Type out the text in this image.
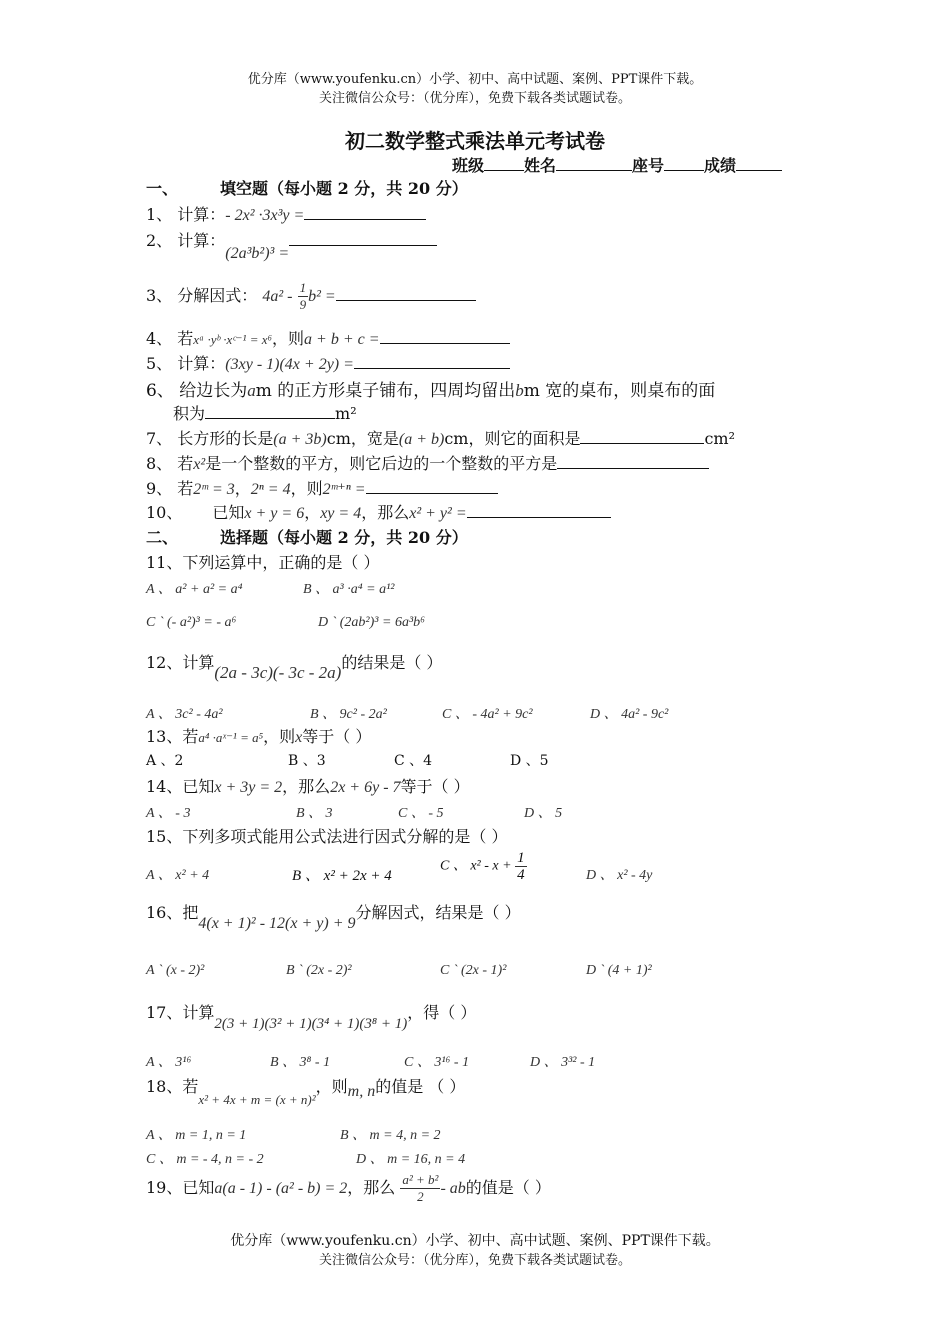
优分库（www.youfenku.cn）小学、初中、高中试题、案例、PPT课件下载。
关注微信公众号：（优分库），免费下载各类试题试卷。
初二数学整式乘法单元考试卷
班级	姓名	座号	成绩
一、	填空题（每小题 2 分，共 20 分）
1、 计算：- 2x² ·3x³y =
2、 计算：(2a³b²)³ =
3、 分解因式： $4a^2 - \frac{1}{9} b^2$ =
4、 若xᵃ ·yᵇ ·xᶜ⁻¹ = x⁶，则a + b + c =
5、 计算：(3xy - 1)(4x + 2y) =
6、 给边长为am 的正方形桌子铺布，四周均留出bm 宽的桌布，则桌布的面
积为	m²
7、 长方形的长是(a + 3b)cm，宽是(a + b)cm，则它的面积是	cm²
8、 若x²是一个整数的平方，则它后边的一个整数的平方是
9、 若2ᵐ = 3，2ⁿ = 4，则2ᵐ⁺ⁿ =
10、 已知x + y = 6，xy = 4，那么x² + y² =
二、	选择题（每小题 2 分，共 20 分）
11、下列运算中，正确的是（ ）
A 、 a² + a² = a⁴	B 、 a³ ·a⁴ = a¹²
C ` (- a²)³ = - a⁶	D ` (2ab²)³ = 6a³b⁶
12、计算(2a - 3c)(- 3c - 2a)的结果是（ ）
A 、 3c² - 4a²	B 、 9c² - 2a²	C 、 - 4a² + 9c²	D 、 4a² - 9c²
13、若a⁴ ·aˣ⁻¹ = a⁵，则x等于（ ）
A 、2	B 、3	C 、4	D 、5
14、已知x + 3y = 2，那么2x + 6y - 7等于（ ）
A 、 - 3	B 、 3	C 、 - 5	D 、 5
15、下列多项式能用公式法进行因式分解的是（ ）
A 、 x² + 4	B 、 x² + 2x + 4
C 、 $x^2 - x + \frac{1}{4}$	D 、 x² - 4y
16、把4(x + 1)² - 12(x + y) + 9分解因式，结果是（ ）
A ` (x - 2)²	B ` (2x - 2)²	C ` (2x - 1)²	D ` (4 + 1)²
17、计算2(3 + 1)(3² + 1)(3⁴ + 1)(3⁸ + 1)，得（ ）
A 、 3¹⁶	B 、 3⁸ - 1	C 、 3¹⁶ - 1	D 、 3³² - 1
18、若$_{x^2 + 4x + m = (x + n)^2}$，则m, n的值是 （ ）
A 、 m = 1, n = 1	B 、 m = 4, n = 2
C 、 m = - 4, n = - 2	D 、 m = 16, n = 4
19、已知a(a - 1) - (a² - b) = 2，那么 $\frac{\text{a² + b²}}{2}$ - ab的值是（ ）
优分库（www.youfenku.cn）小学、初中、高中试题、案例、PPT课件下载。
关注微信公众号：（优分库），免费下载各类试题试卷。
